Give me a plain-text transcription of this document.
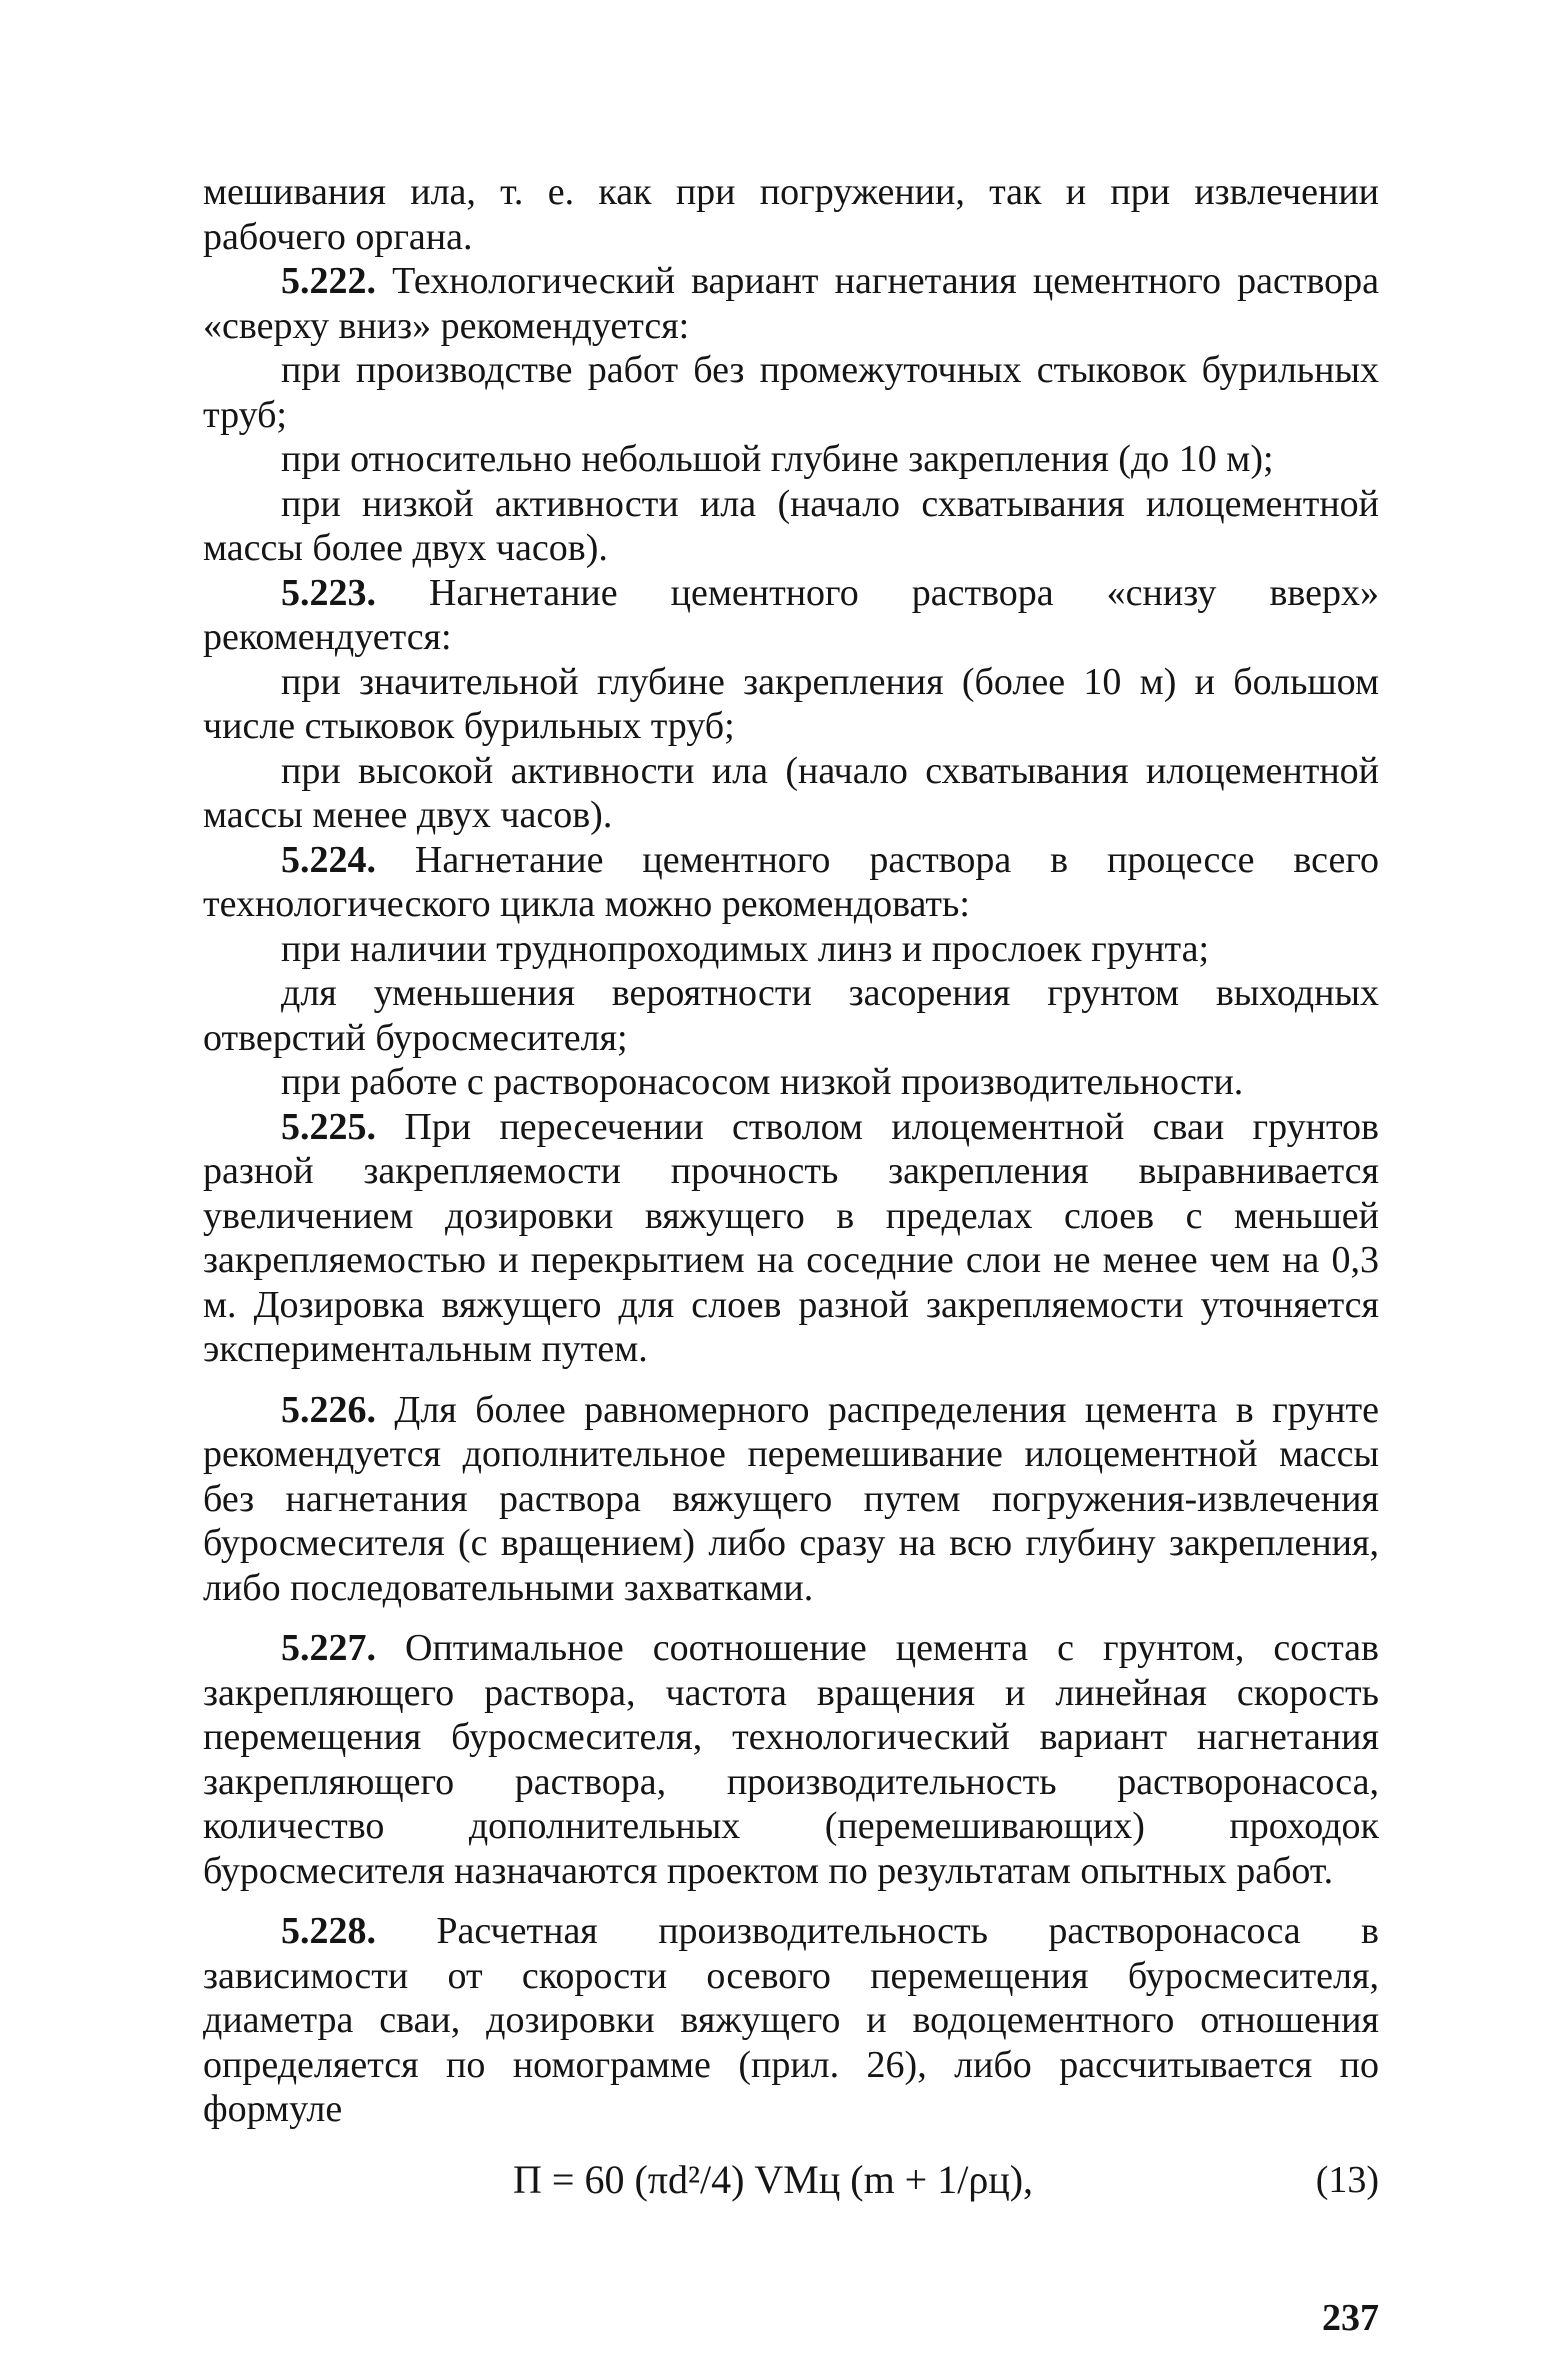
мешивания ила, т. е. как при погружении, так и при извлечении рабочего органа.

5.222. Технологический вариант нагнетания цементного раствора «сверху вниз» рекомендуется:

при производстве работ без промежуточных стыковок бурильных труб;

при относительно небольшой глубине закрепления (до 10 м);

при низкой активности ила (начало схватывания илоцементной массы более двух часов).

5.223. Нагнетание цементного раствора «снизу вверх» рекомендуется:

при значительной глубине закрепления (более 10 м) и большом числе стыковок бурильных труб;

при высокой активности ила (начало схватывания илоцементной массы менее двух часов).

5.224. Нагнетание цементного раствора в процессе всего технологического цикла можно рекомендовать:

при наличии труднопроходимых линз и прослоек грунта;

для уменьшения вероятности засорения грунтом выходных отверстий буросмесителя;

при работе с растворонасосом низкой производительности.

5.225. При пересечении стволом илоцементной сваи грунтов разной закрепляемости прочность закрепления выравнивается увеличением дозировки вяжущего в пределах слоев с меньшей закрепляемостью и перекрытием на соседние слои не менее чем на 0,3 м. Дозировка вяжущего для слоев разной закрепляемости уточняется экспериментальным путем.

5.226. Для более равномерного распределения цемента в грунте рекомендуется дополнительное перемешивание илоцементной массы без нагнетания раствора вяжущего путем погружения-извлечения буросмесителя (с вращением) либо сразу на всю глубину закрепления, либо последовательными захватками.

5.227. Оптимальное соотношение цемента с грунтом, состав закрепляющего раствора, частота вращения и линейная скорость перемещения буросмесителя, технологический вариант нагнетания закрепляющего раствора, производительность растворонасоса, количество дополнительных (перемешивающих) проходок буросмесителя назначаются проектом по результатам опытных работ.

5.228. Расчетная производительность растворонасоса в зависимости от скорости осевого перемещения буросмесителя, диаметра сваи, дозировки вяжущего и водоцементного отношения определяется по номограмме (прил. 26), либо рассчитывается по формуле

П = 60 (πd²/4) VMц (m + 1/ρц),	(13)
237
